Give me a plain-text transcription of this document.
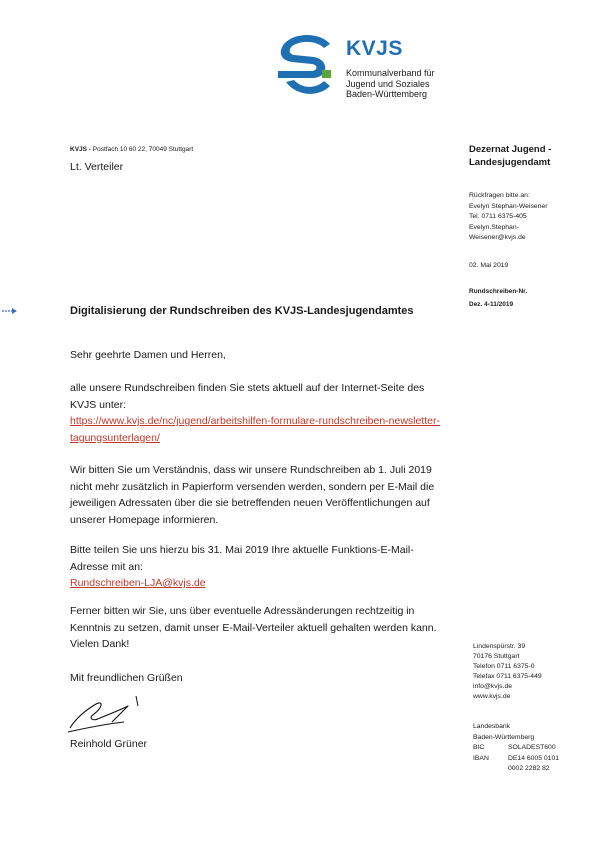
KVJS
Kommunalverband für
Jugend und Soziales
Baden-Württemberg
KVJS - Postfach 10 60 22, 70049 Stuttgart
Lt. Verteiler
Dezernat Jugend -
Landesjugendamt
Rückfragen bitte an:
Evelyn Stephan-Weisener
Tel. 0711 6375-405
Evelyn.Stephan-
Weisener@kvjs.de
02. Mai 2019
Rundschreiben-Nr.
Dez. 4-11/2019
Digitalisierung der Rundschreiben des KVJS-Landesjugendamtes
Sehr geehrte Damen und Herren,
alle unsere Rundschreiben finden Sie stets aktuell auf der Internet-Seite des
KVJS unter:
https://www.kvjs.de/nc/jugend/arbeitshilfen-formulare-rundschreiben-newsletter-
tagungsunterlagen/
Wir bitten Sie um Verständnis, dass wir unsere Rundschreiben ab 1. Juli 2019
nicht mehr zusätzlich in Papierform versenden werden, sondern per E-Mail die
jeweiligen Adressaten über die sie betreffenden neuen Veröffentlichungen auf
unserer Homepage informieren.
Bitte teilen Sie uns hierzu bis 31. Mai 2019 Ihre aktuelle Funktions-E-Mail-
Adresse mit an:
Rundschreiben-LJA@kvjs.de
Ferner bitten wir Sie, uns über eventuelle Adressänderungen rechtzeitig in
Kenntnis zu setzen, damit unser E-Mail-Verteiler aktuell gehalten werden kann.
Vielen Dank!
Mit freundlichen Grüßen
Reinhold Grüner
Lindenspürstr. 39
70176 Stuttgart
Telefon 0711 6375-0
Telefax 0711 6375-449
info@kvjs.de
www.kvjs.de
Landesbank
Baden-Württemberg
BIC	SOLADEST600
IBAN	DE14 6005 0101
	0002 2282 82
